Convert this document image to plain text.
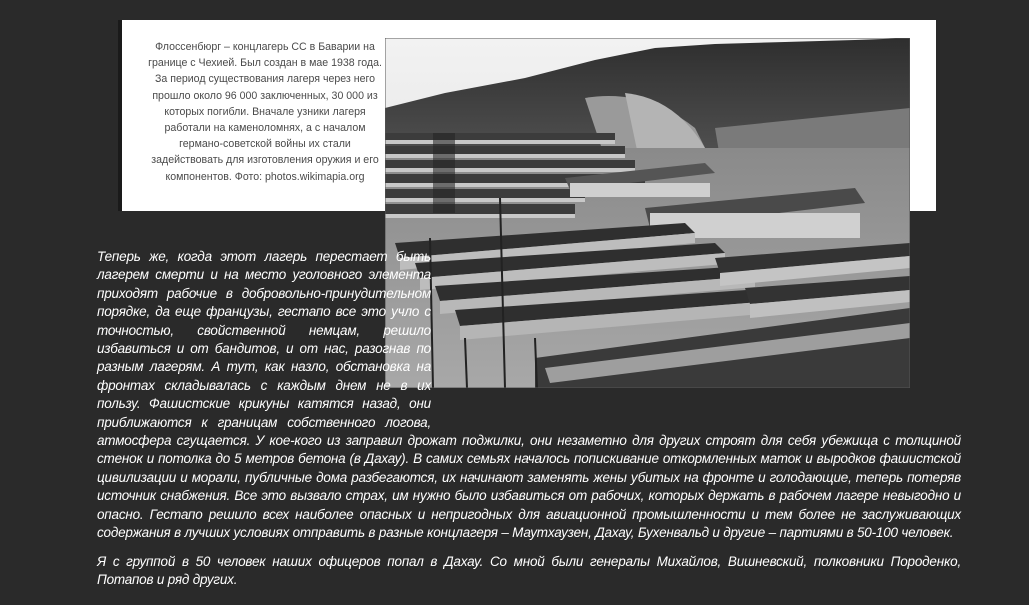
Флоссенбюрг – концлагерь СС в Баварии на границе с Чехией. Был создан в мае 1938 года. За период существования лагеря через него прошло около 96 000 заключенных, 30 000 из которых погибли. Вначале узники лагеря работали на каменоломнях, а с началом германо-советской войны их стали задействовать для изготовления оружия и его компонентов. Фото: photos.wikimapia.org

Теперь же, когда этот лагерь перестает быть лагерем смерти и на место уголовного элемента приходят рабочие в добровольно-принудительном порядке, да еще французы, гестапо все это учло с точностью, свойственной немцам, решило избавиться и от бандитов, и от нас, разогнав по разным лагерям. А тут, как назло, обстановка на фронтах складывалась с каждым днем не в их пользу. Фашистские крикуны катятся назад, они приближаются к границам собственного логова, атмосфера сгущается. У кое-кого из заправил дрожат поджилки, они незаметно для других строят для себя убежища с толщиной стенок и потолка до 5 метров бетона (в Дахау). В самих семьях началось попискивание откормленных маток и выродков фашистской цивилизации и морали, публичные дома разбегаются, их начинают заменять жены убитых на фронте и голодающие, теперь потеряв источник снабжения. Все это вызвало страх, им нужно было избавиться от рабочих, которых держать в рабочем лагере невыгодно и опасно. Гестапо решило всех наиболее опасных и непригодных для авиационной промышленности и тем более не заслуживающих содержания в лучших условиях отправить в разные концлагеря – Маутхаузен, Дахау, Бухенвальд и другие – партиями в 50-100 человек.

Я с группой в 50 человек наших офицеров попал в Дахау. Со мной были генералы Михайлов, Вишневский, полковники Породенко, Потапов и ряд других.
